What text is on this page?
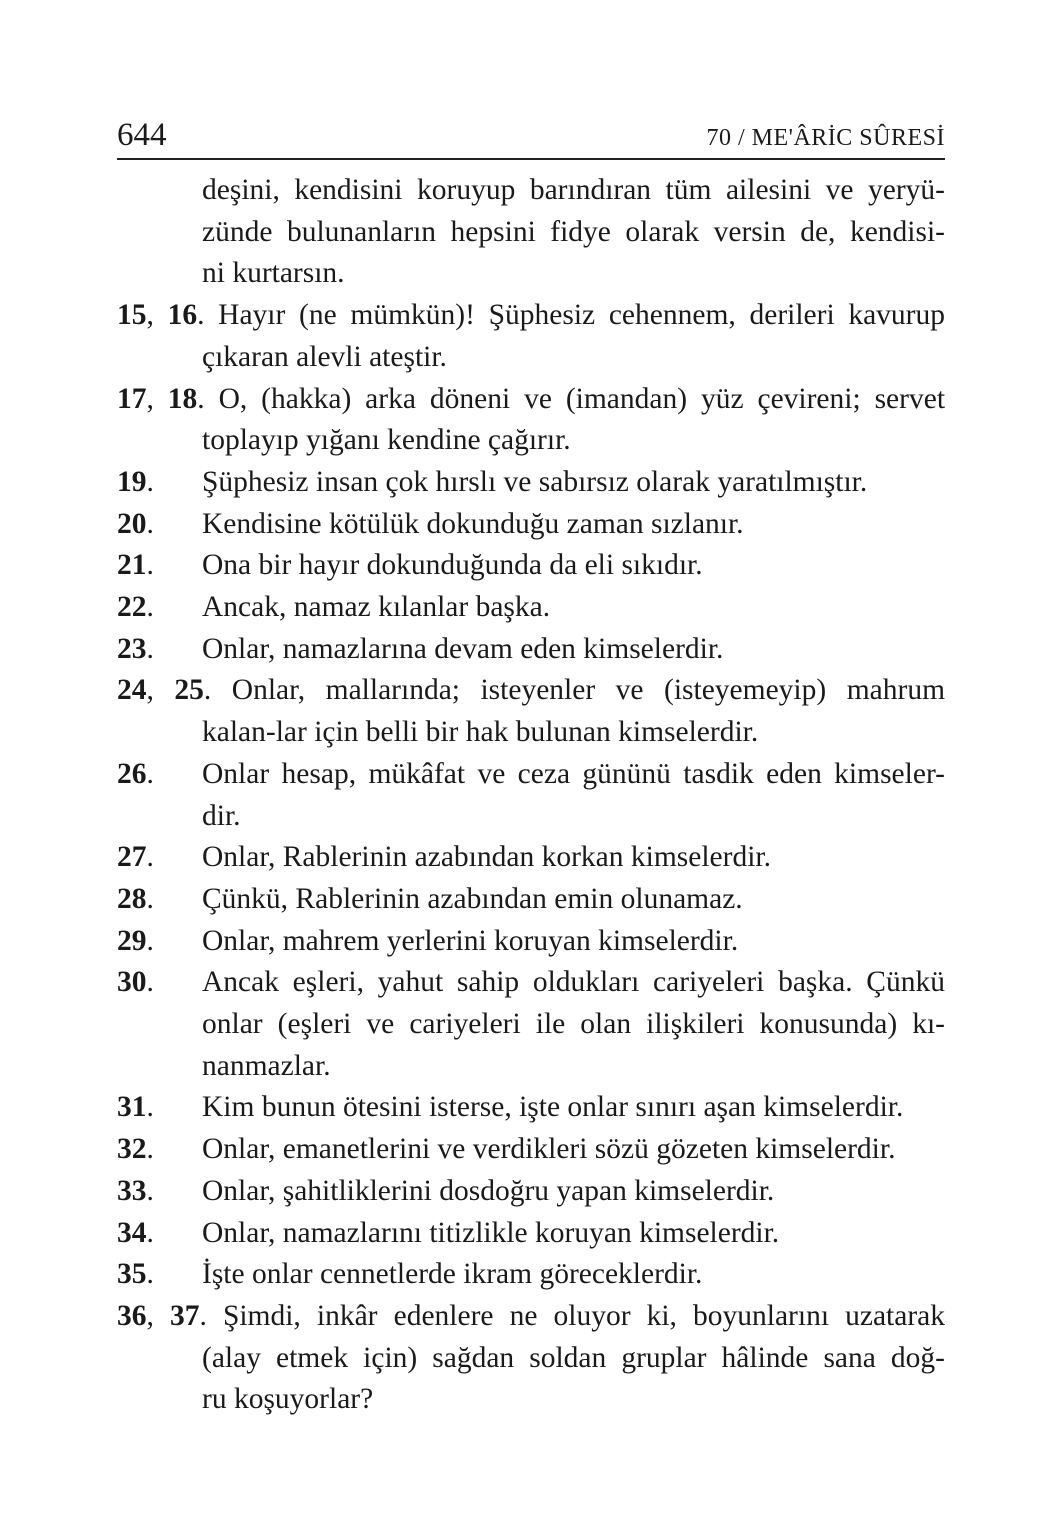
644	70 / ME'ÂRİC SÛRESİ
deşini, kendisini koruyup barındıran tüm ailesini ve yeryü-
zünde bulunanların hepsini fidye olarak versin de, kendisi-
ni kurtarsın.
15, 16. Hayır (ne mümkün)! Şüphesiz cehennem, derileri kavurup
çıkaran alevli ateştir.
17, 18. O, (hakka) arka döneni ve (imandan) yüz çevireni; servet
toplayıp yığanı kendine çağırır.
19. Şüphesiz insan çok hırslı ve sabırsız olarak yaratılmıştır.
20. Kendisine kötülük dokunduğu zaman sızlanır.
21. Ona bir hayır dokunduğunda da eli sıkıdır.
22. Ancak, namaz kılanlar başka.
23. Onlar, namazlarına devam eden kimselerdir.
24, 25. Onlar, mallarında; isteyenler ve (isteyemeyip) mahrum
kalan-lar için belli bir hak bulunan kimselerdir.
26. Onlar hesap, mükâfat ve ceza gününü tasdik eden kimseler-
dir.
27. Onlar, Rablerinin azabından korkan kimselerdir.
28. Çünkü, Rablerinin azabından emin olunamaz.
29. Onlar, mahrem yerlerini koruyan kimselerdir.
30. Ancak eşleri, yahut sahip oldukları cariyeleri başka. Çünkü
onlar (eşleri ve cariyeleri ile olan ilişkileri konusunda) kı-
nanmazlar.
31. Kim bunun ötesini isterse, işte onlar sınırı aşan kimselerdir.
32. Onlar, emanetlerini ve verdikleri sözü gözeten kimselerdir.
33. Onlar, şahitliklerini dosdoğru yapan kimselerdir.
34. Onlar, namazlarını titizlikle koruyan kimselerdir.
35. İşte onlar cennetlerde ikram göreceklerdir.
36, 37. Şimdi, inkâr edenlere ne oluyor ki, boyunlarını uzatarak
(alay etmek için) sağdan soldan gruplar hâlinde sana doğ-
ru koşuyorlar?
